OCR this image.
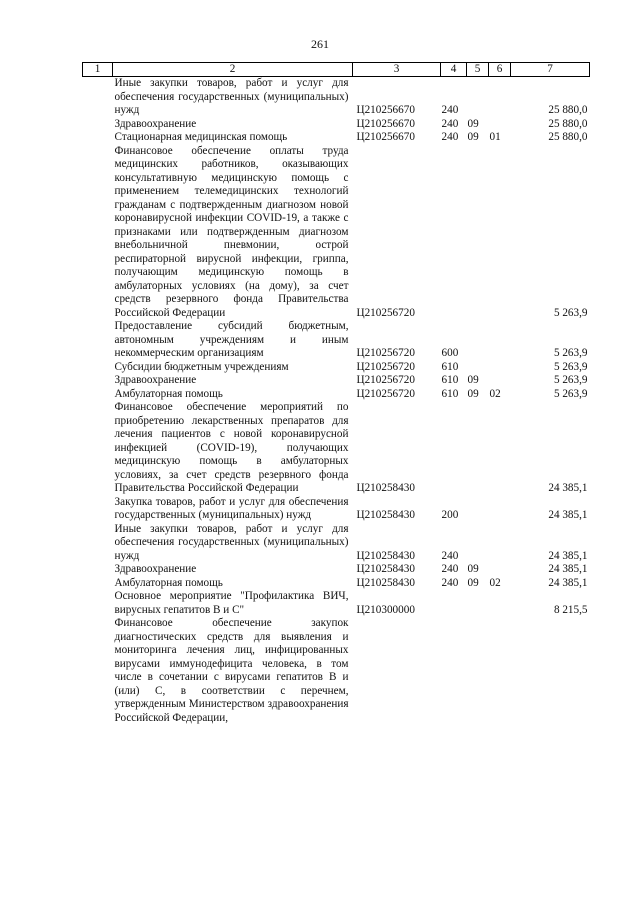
261
1	2	3	4	5	6	7
	Иные закупки товаров, работ и услуг для обеспечения государственных (муниципальных) нужд	Ц210256670	240			25 880,0
	Здравоохранение	Ц210256670	240	09		25 880,0
	Стационарная медицинская помощь	Ц210256670	240	09	01	25 880,0
	Финансовое обеспечение оплаты труда медицинских работников, оказывающих консультативную медицинскую помощь с применением телемедицинских технологий гражданам с подтвержденным диагнозом новой коронавирусной инфекции COVID-19, а также с признаками или подтвержденным диагнозом внебольничной пневмонии, острой респираторной вирусной инфекции, гриппа, получающим медицинскую помощь в амбулаторных условиях (на дому), за счет средств резервного фонда Правительства Российской Федерации	Ц210256720				5 263,9
	Предоставление субсидий бюджетным, автономным учреждениям и иным некоммерческим организациям	Ц210256720	600			5 263,9
	Субсидии бюджетным учреждениям	Ц210256720	610			5 263,9
	Здравоохранение	Ц210256720	610	09		5 263,9
	Амбулаторная помощь	Ц210256720	610	09	02	5 263,9
	Финансовое обеспечение мероприятий по приобретению лекарственных препаратов для лечения пациентов с новой коронавирусной инфекцией (COVID-19), получающих медицинскую помощь в амбулаторных условиях, за счет средств резервного фонда Правительства Российской Федерации	Ц210258430				24 385,1
	Закупка товаров, работ и услуг для обеспечения государственных (муниципальных) нужд	Ц210258430	200			24 385,1
	Иные закупки товаров, работ и услуг для обеспечения государственных (муниципальных) нужд	Ц210258430	240			24 385,1
	Здравоохранение	Ц210258430	240	09		24 385,1
	Амбулаторная помощь	Ц210258430	240	09	02	24 385,1
	Основное мероприятие "Профилактика ВИЧ, вирусных гепатитов В и С"	Ц210300000				8 215,5
	Финансовое обеспечение закупок диагностических средств для выявления и мониторинга лечения лиц, инфицированных вирусами иммунодефицита человека, в том числе в сочетании с вирусами гепатитов В и (или) С, в соответствии с перечнем, утвержденным Министерством здравоохранения Российской Федерации,					
